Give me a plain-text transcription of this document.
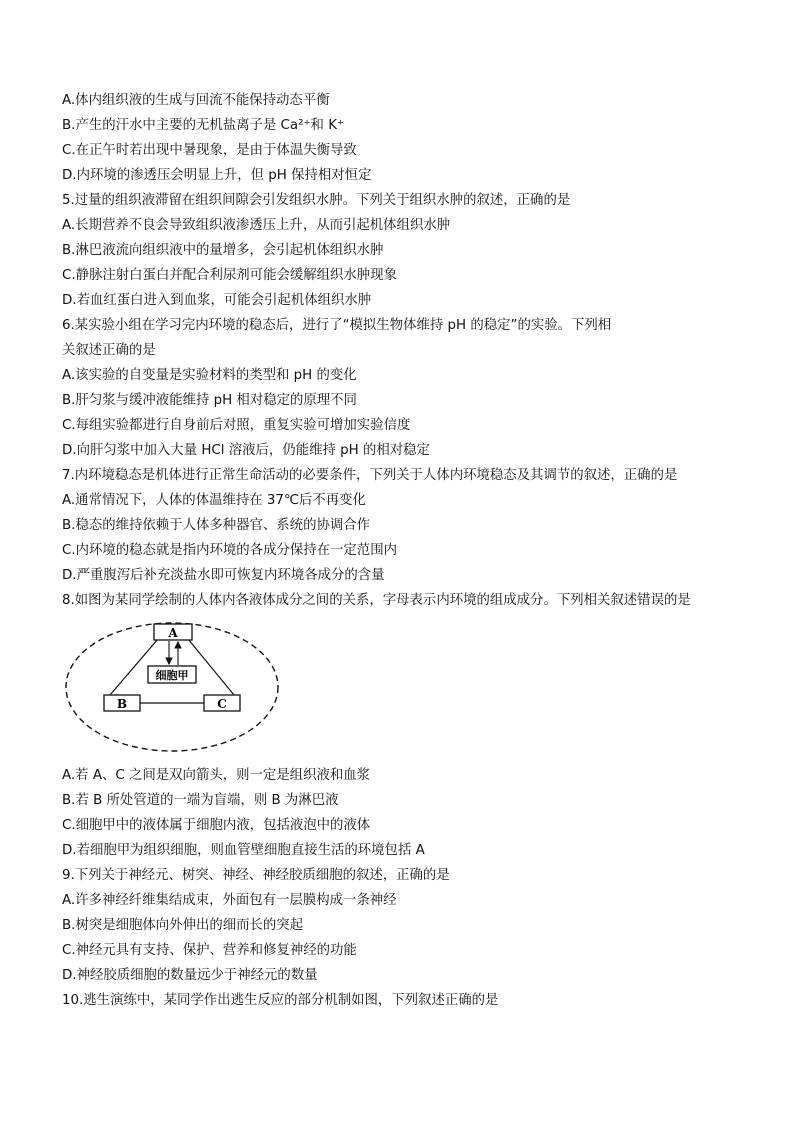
A.体内组织液的生成与回流不能保持动态平衡
B.产生的汗水中主要的无机盐离子是 Ca²⁺和 K⁺
C.在正午时若出现中暑现象，是由于体温失衡导致
D.内环境的渗透压会明显上升，但 pH 保持相对恒定
5.过量的组织液滞留在组织间隙会引发组织水肿。下列关于组织水肿的叙述，正确的是
A.长期营养不良会导致组织液渗透压上升，从而引起机体组织水肿
B.淋巴液流向组织液中的量增多，会引起机体组织水肿
C.静脉注射白蛋白并配合利尿剂可能会缓解组织水肿现象
D.若血红蛋白进入到血浆，可能会引起机体组织水肿
6.某实验小组在学习完内环境的稳态后，进行了“模拟生物体维持 pH 的稳定”的实验。下列相
关叙述正确的是
A.该实验的自变量是实验材料的类型和 pH 的变化
B.肝匀浆与缓冲液能维持 pH 相对稳定的原理不同
C.每组实验都进行自身前后对照，重复实验可增加实验信度
D.向肝匀浆中加入大量 HCl 溶液后，仍能维持 pH 的相对稳定
7.内环境稳态是机体进行正常生命活动的必要条件，下列关于人体内环境稳态及其调节的叙述，正确的是
A.通常情况下，人体的体温维持在 37℃后不再变化
B.稳态的维持依赖于人体多种器官、系统的协调合作
C.内环境的稳态就是指内环境的各成分保持在一定范围内
D.严重腹泻后补充淡盐水即可恢复内环境各成分的含量
8.如图为某同学绘制的人体内各液体成分之间的关系，字母表示内环境的组成成分。下列相关叙述错误的是
A
细胞甲
B	C
A.若 A、C 之间是双向箭头，则一定是组织液和血浆
B.若 B 所处管道的一端为盲端，则 B 为淋巴液
C.细胞甲中的液体属于细胞内液，包括液泡中的液体
D.若细胞甲为组织细胞，则血管壁细胞直接生活的环境包括 A
9.下列关于神经元、树突、神经、神经胶质细胞的叙述，正确的是
A.许多神经纤维集结成束，外面包有一层膜构成一条神经
B.树突是细胞体向外伸出的细而长的突起
C.神经元具有支持、保护、营养和修复神经的功能
D.神经胶质细胞的数量远少于神经元的数量
10.逃生演练中，某同学作出逃生反应的部分机制如图，下列叙述正确的是
